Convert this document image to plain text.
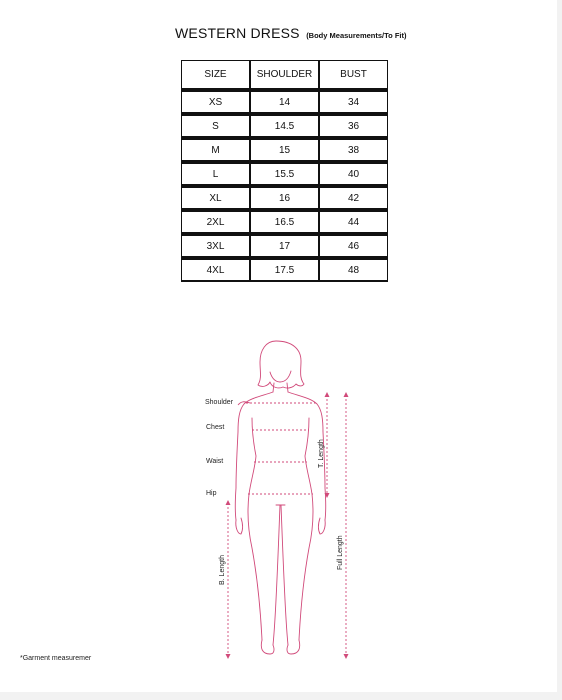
WESTERN DRESS (Body Measurements/To Fit)
SIZE	SHOULDER	BUST
XS	14	34
S	14.5	36
M	15	38
L	15.5	40
XL	16	42
2XL	16.5	44
3XL	17	46
4XL	17.5	48
Shoulder
Chest
Waist
Hip
T. Length
Full Length
B. Length
*Garment measuremer
